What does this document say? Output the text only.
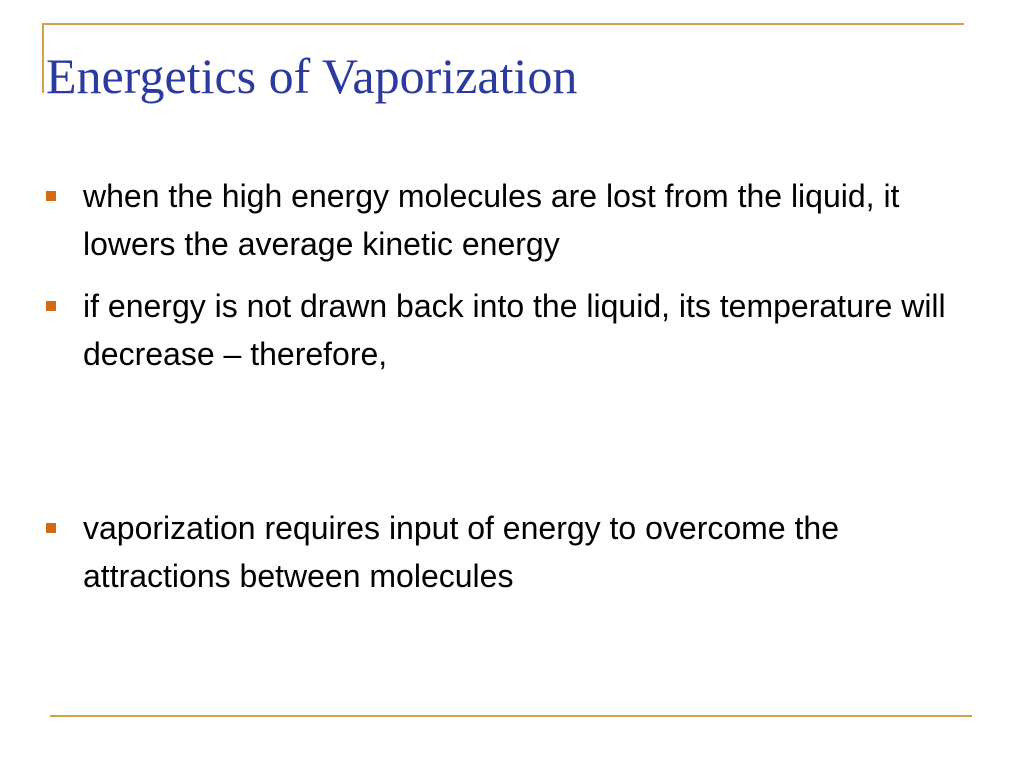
Energetics of Vaporization
when the high energy molecules are lost from the liquid, it lowers the average kinetic energy
if energy is not drawn back into the liquid, its temperature will decrease – therefore,
vaporization requires input of energy to overcome the attractions between molecules
